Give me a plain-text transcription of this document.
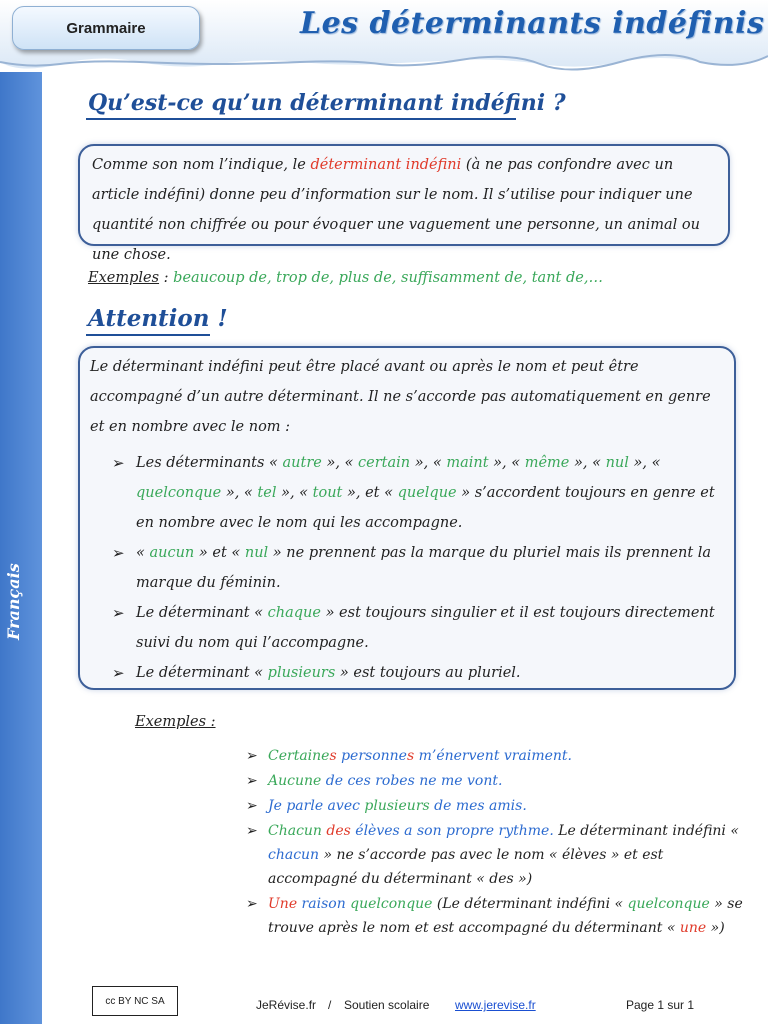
Grammaire	Les déterminants indéfinis
Français
Qu’est-ce qu’un déterminant indéfini ?
Comme son nom l’indique, le déterminant indéfini (à ne pas confondre avec un article indéfini) donne peu d’information sur le nom. Il s’utilise pour indiquer une quantité non chiffrée ou pour évoquer une vaguement une personne, un animal ou une chose.
Exemples : beaucoup de, trop de, plus de, suffisamment de, tant de,…
Attention !
Le déterminant indéfini peut être placé avant ou après le nom et peut être accompagné d’un autre déterminant. Il ne s’accorde pas automatiquement en genre et en nombre avec le nom :
➢ Les déterminants « autre », « certain », « maint », « même », « nul », « quelconque », « tel », « tout », et « quelque » s’accordent toujours en genre et en nombre avec le nom qui les accompagne.
➢ « aucun » et « nul » ne prennent pas la marque du pluriel mais ils prennent la marque du féminin.
➢ Le déterminant « chaque » est toujours singulier et il est toujours directement suivi du nom qui l’accompagne.
➢ Le déterminant « plusieurs » est toujours au pluriel.
Exemples :
➢ Certaines personnes m’énervent vraiment.
➢ Aucune de ces robes ne me vont.
➢ Je parle avec plusieurs de mes amis.
➢ Chacun des élèves a son propre rythme. Le déterminant indéfini « chacun » ne s’accorde pas avec le nom « élèves » et est accompagné du déterminant « des »)
➢ Une raison quelconque (Le déterminant indéfini « quelconque » se trouve après le nom et est accompagné du déterminant « une »)
cc BY NC SA	JeRévise.fr / Soutien scolaire www.jerevise.fr	Page 1 sur 1
